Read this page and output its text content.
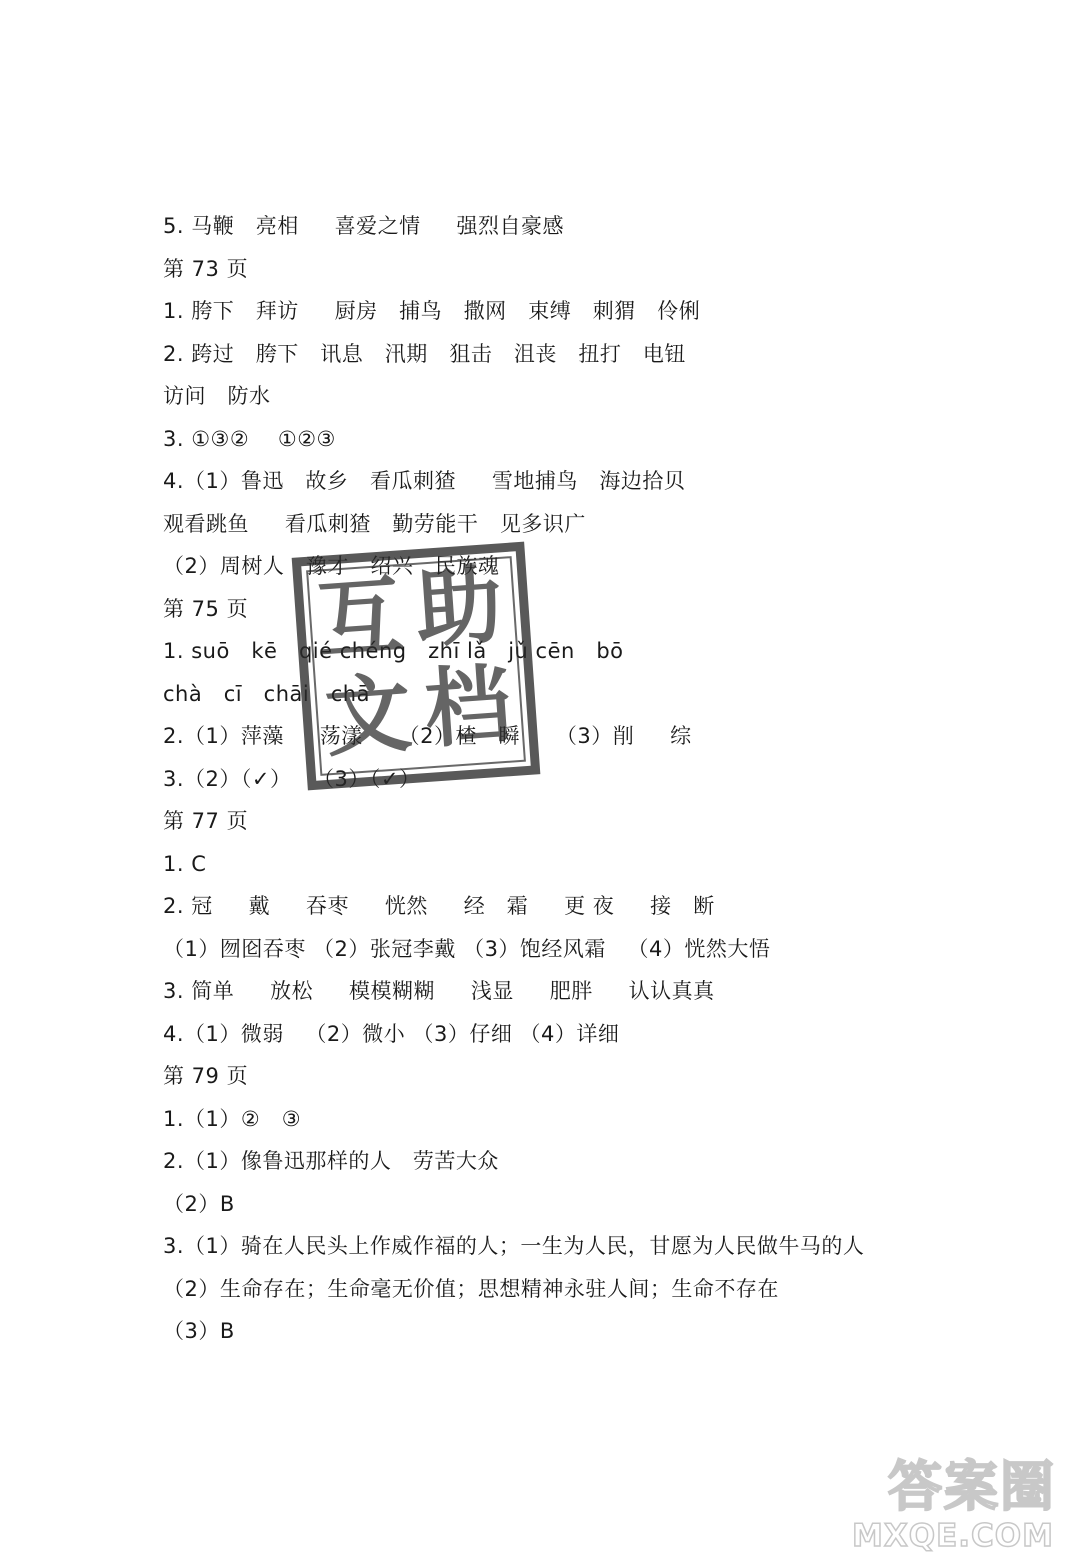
5. 马鞭   亮相     喜爱之情     强烈自豪感
第 73 页
1. 胯下   拜访     厨房   捕鸟   撒网   束缚   刺猬   伶俐
2. 跨过   胯下   讯息   汛期   狙击   沮丧   扭打   电钮
访问   防水
3. ①③②    ①②③
4.（1）鲁迅   故乡   看瓜刺猹     雪地捕鸟   海边拾贝
观看跳鱼     看瓜刺猹   勤劳能干   见多识广
（2）周树人   豫才   绍兴   民族魂
第 75 页
1. suō   kē   qié chéng   zhī lǎ   jǔ cēn   bō
chà   cī   chāi   chā
2.（1）萍藻     荡漾     （2）楂   瞬     （3）削     综
3.（2）（✓）   （3）（✓）
第 77 页
1. C
2. 冠     戴     吞枣     恍然     经   霜     更 夜     接   断
（1）囫囵吞枣 （2）张冠李戴 （3）饱经风霜   （4）恍然大悟
3. 简单     放松     模模糊糊     浅显     肥胖     认认真真
4.（1）微弱   （2）微小 （3）仔细 （4）详细
第 79 页
1.（1）②   ③
2.（1）像鲁迅那样的人   劳苦大众
（2）B
3.（1）骑在人民头上作威作福的人；一生为人民，甘愿为人民做牛马的人
（2）生命存在；生命毫无价值；思想精神永驻人间；生命不存在
（3）B
互 助
文 档
答案圈
MXQE.COM
